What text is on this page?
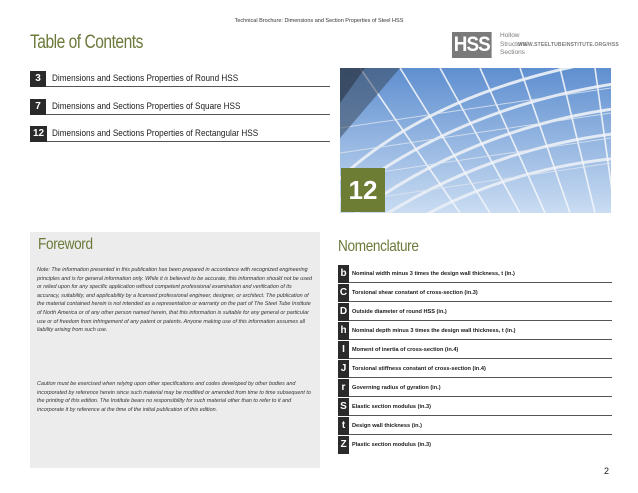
Technical Brochure: Dimensions and Section Properties of Steel HSS
Table of Contents	HSS Hollow
Structural
Sections
WWW.STEELTUBEINSTITUTE.ORG/HSS
3	Dimensions and Sections Properties of Round HSS
7	Dimensions and Sections Properties of Square HSS
12 Dimensions and Sections Properties of Rectangular HSS
12
Foreword
Note: The information presented in this publication has been prepared in accordance with recognized engineering principles and is for general information only. While it is believed to be accurate, this information should not be used or relied upon for any specific application without competent professional examination and verification of its accuracy, suitability, and applicability by a licensed professional engineer, designer, or architect. The publication of the material contained herein is not intended as a representation or warranty on the part of The Steel Tube Institute of North America or of any other person named herein, that this information is suitable for any general or particular use or of freedom from infringement of any patent or patents. Anyone making use of this information assumes all liability arising from such use.
Caution must be exercised when relying upon other specifications and codes developed by other bodies and incorporated by reference herein since such material may be modified or amended from time to time subsequent to the printing of this edition. The Institute bears no responsibility for such material other than to refer to it and incorporate it by reference at the time of the initial publication of this edition.
Nomenclature
b Nominal width minus 3 times the design wall thickness, t (in.)
C Torsional shear constant of cross-section (in.3)
D Outside diameter of round HSS (in.)
h Nominal depth minus 3 times the design wall thickness, t (in.)
I	Moment of inertia of cross-section (in.4)
J	Torsional stiffness constant of cross-section (in.4)
r	Governing radius of gyration (in.)
S Elastic section modulus (in.3)
t	Design wall thickness (in.)
Z Plastic section modulus (in.3)
2
